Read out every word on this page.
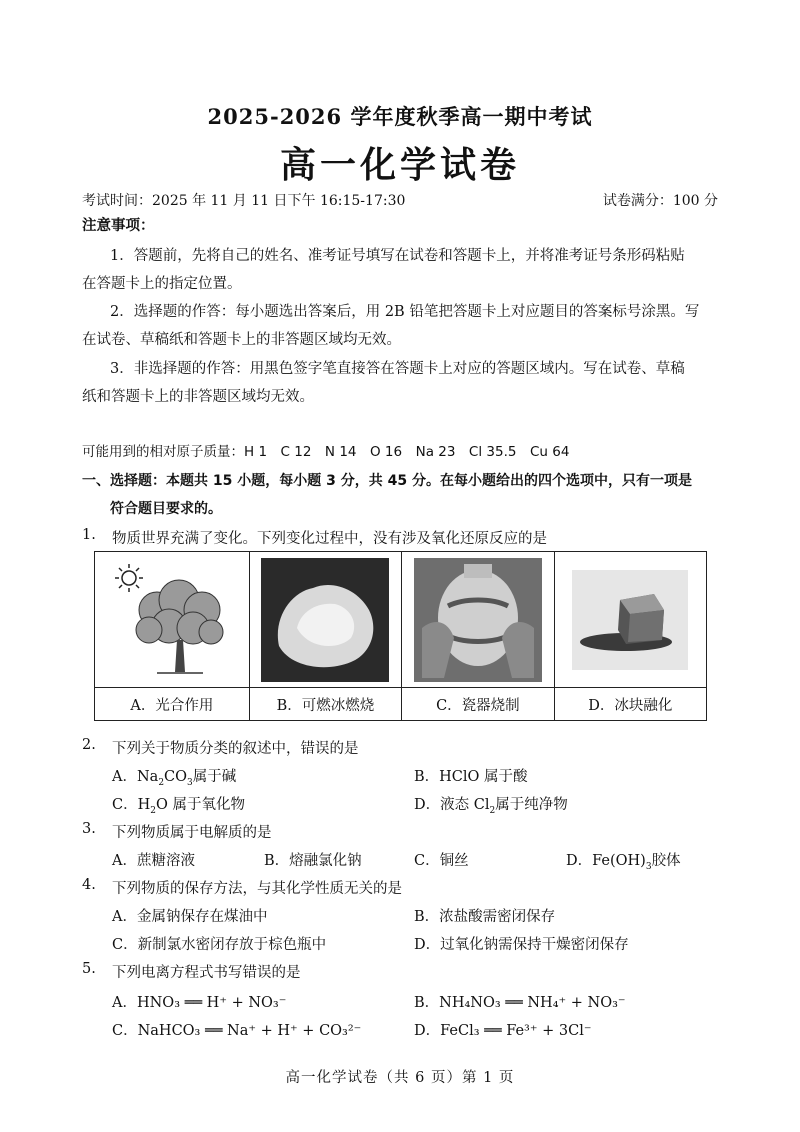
2025-2026 学年度秋季高一期中考试
高一化学试卷
考试时间：2025 年 11 月 11 日下午 16:15-17:30	试卷满分：100 分
注意事项：
1．答题前，先将自己的姓名、准考证号填写在试卷和答题卡上，并将准考证号条形码粘贴
在答题卡上的指定位置。
2．选择题的作答：每小题选出答案后，用 2B 铅笔把答题卡上对应题目的答案标号涂黑。写
在试卷、草稿纸和答题卡上的非答题区域均无效。
3．非选择题的作答：用黑色签字笔直接答在答题卡上对应的答题区域内。写在试卷、草稿
纸和答题卡上的非答题区域均无效。
可能用到的相对原子质量：H 1　C 12　N 14　O 16　Na 23　Cl 35.5　Cu 64
一、选择题：本题共 15 小题，每小题 3 分，共 45 分。在每小题给出的四个选项中，只有一项是
符合题目要求的。
1. 物质世界充满了变化。下列变化过程中，没有涉及氧化还原反应的是

A．光合作用	B．可燃冰燃烧	C．瓷器烧制	D．冰块融化
2. 下列关于物质分类的叙述中，错误的是
A．$Na_2CO_3$属于碱	B．HClO 属于酸
C．$H_2O$ 属于氧化物	D．液态 $Cl_2$属于纯净物
3. 下列物质属于电解质的是
A．蔗糖溶液	B．熔融氯化钠	C．铜丝	D．$Fe(OH)_3$胶体
4. 下列物质的保存方法，与其化学性质无关的是
A．金属钠保存在煤油中	B．浓盐酸需密闭保存
C．新制氯水密闭存放于棕色瓶中	D．过氧化钠需保持干燥密闭保存
5. 下列电离方程式书写错误的是
A．HNO₃ ══ H⁺ + NO₃⁻	B．NH₄NO₃ ══ NH₄⁺ + NO₃⁻
C．NaHCO₃ ══ Na⁺ + H⁺ + CO₃²⁻	D．FeCl₃ ══ Fe³⁺ + 3Cl⁻
高一化学试卷（共 6 页）第 1 页
